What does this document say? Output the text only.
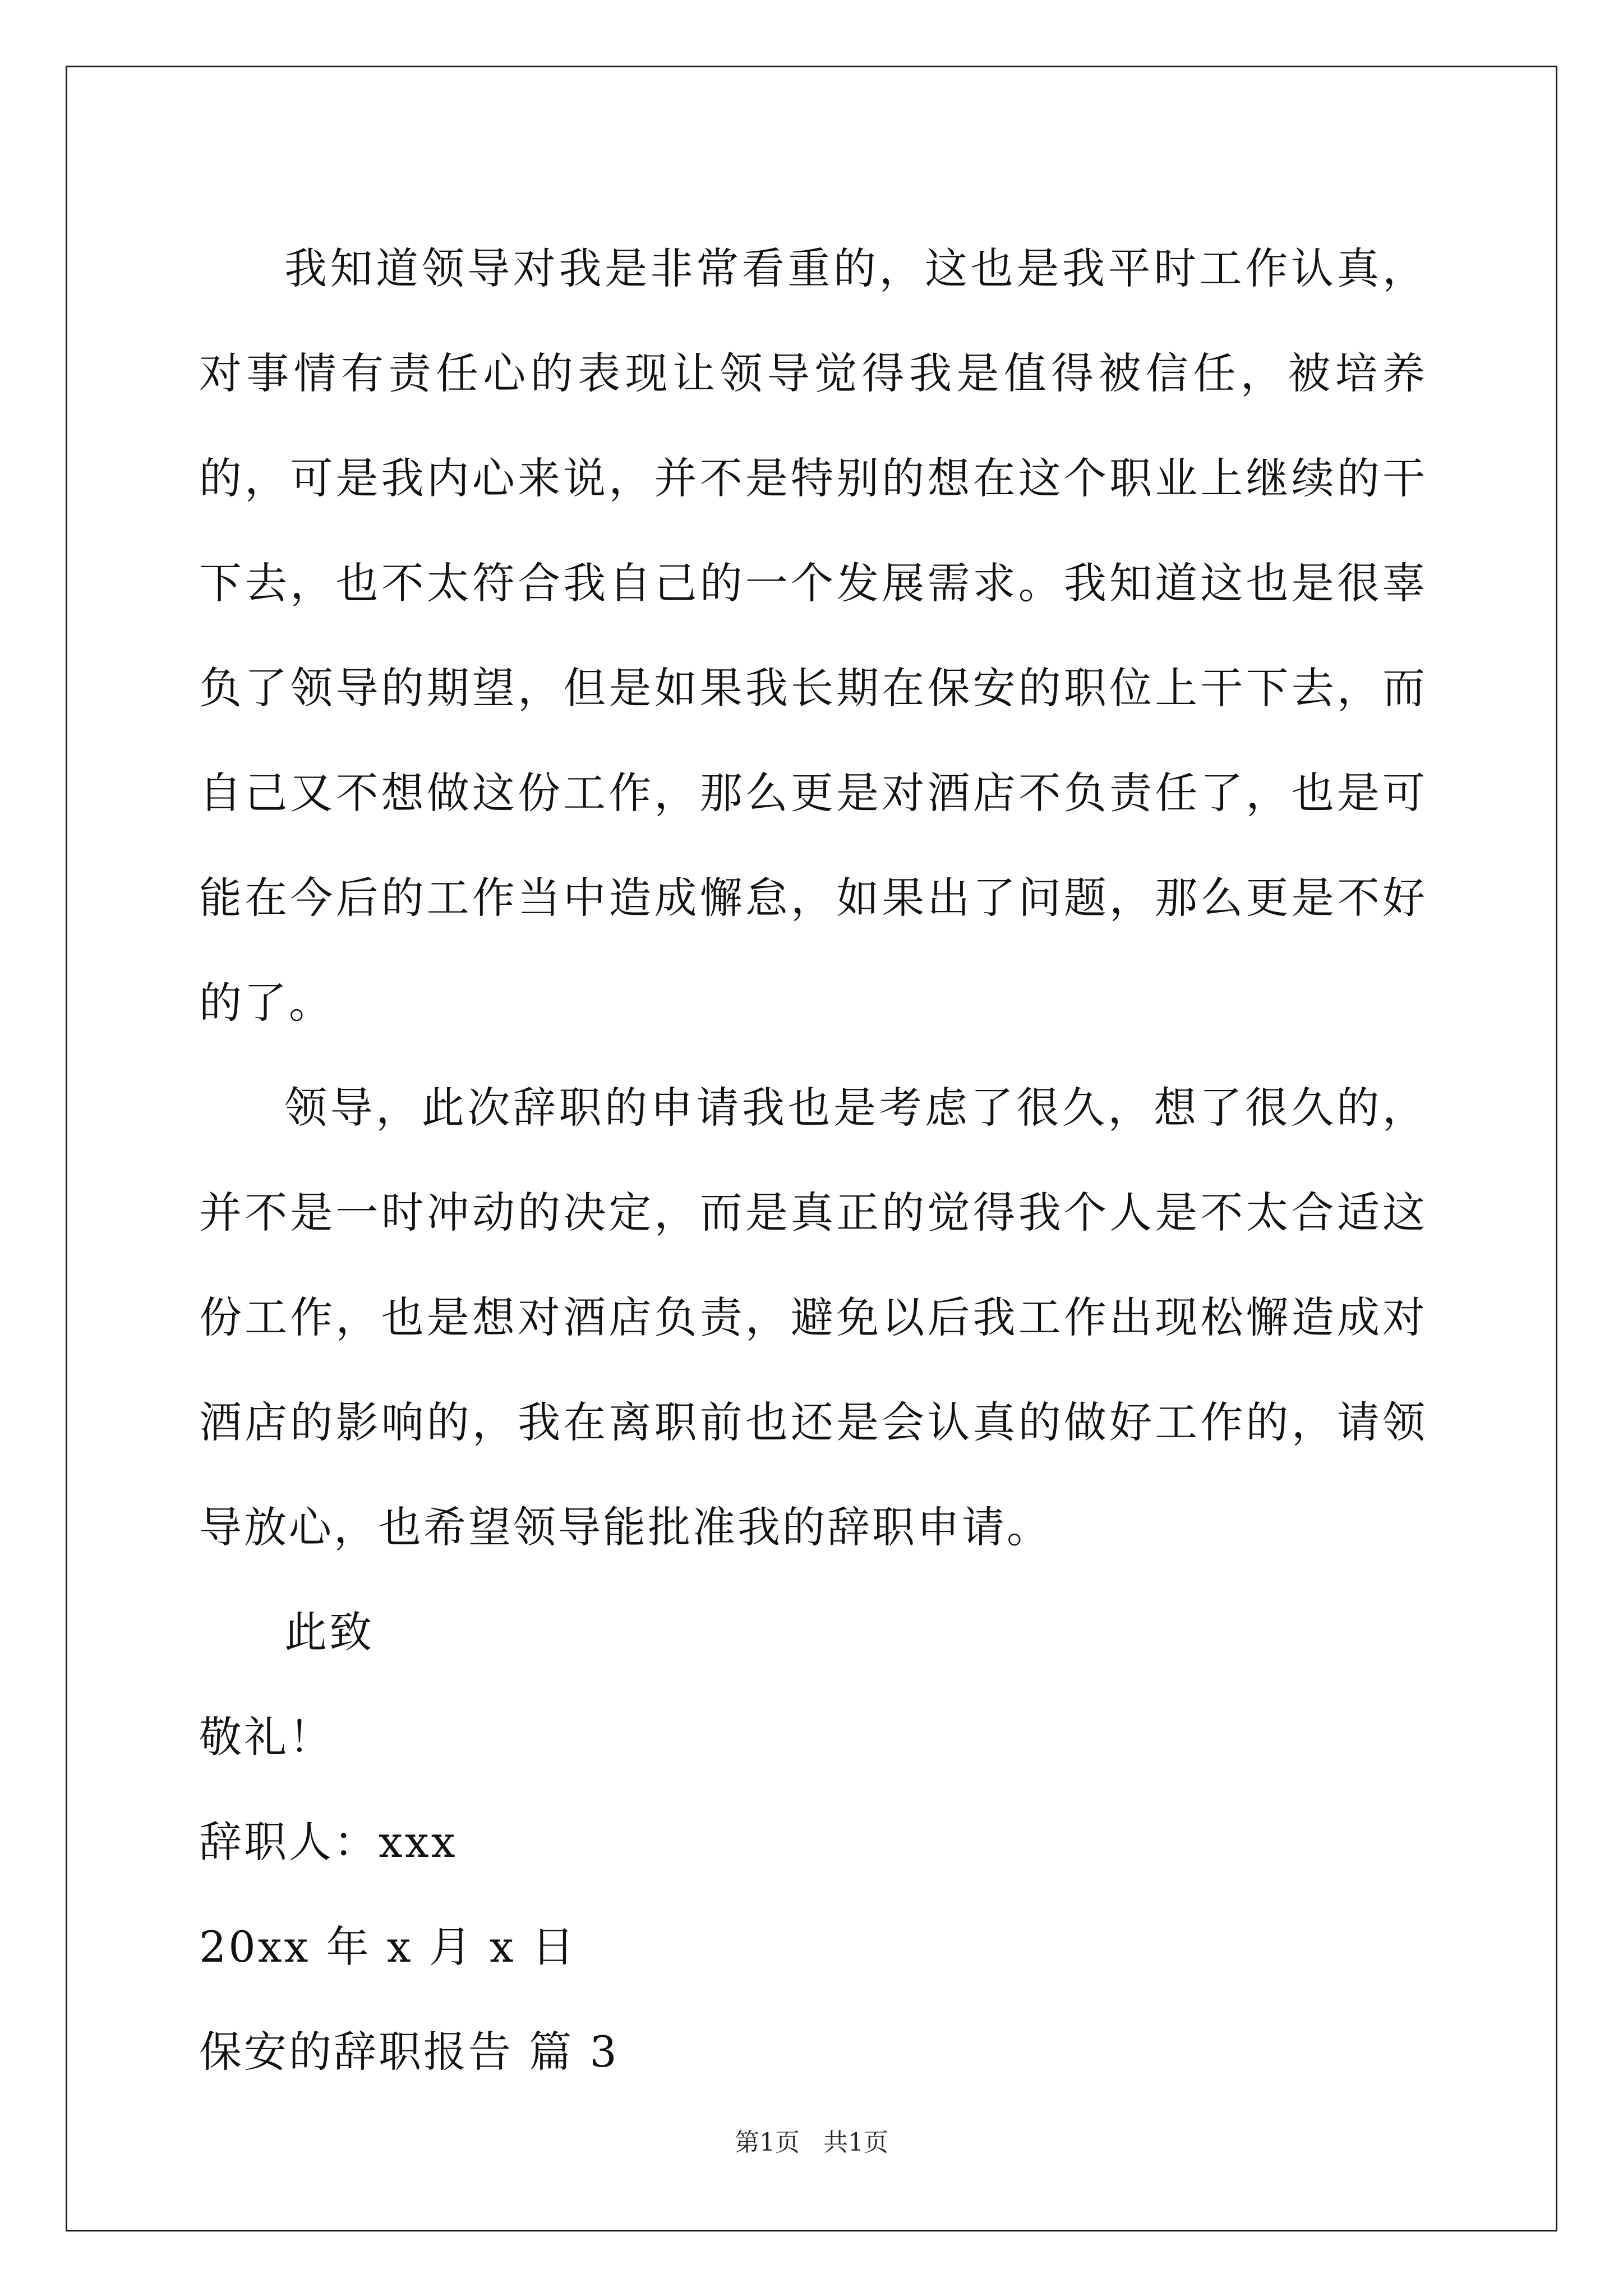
我知道领导对我是非常看重的，这也是我平时工作认真，对事情有责任心的表现让领导觉得我是值得被信任，被培养的，可是我内心来说，并不是特别的想在这个职业上继续的干下去，也不太符合我自己的一个发展需求。我知道这也是很辜负了领导的期望，但是如果我长期在保安的职位上干下去，而自己又不想做这份工作，那么更是对酒店不负责任了，也是可能在今后的工作当中造成懈怠，如果出了问题，那么更是不好的了。

领导，此次辞职的申请我也是考虑了很久，想了很久的，并不是一时冲动的决定，而是真正的觉得我个人是不太合适这份工作，也是想对酒店负责，避免以后我工作出现松懈造成对酒店的影响的，我在离职前也还是会认真的做好工作的，请领导放心，也希望领导能批准我的辞职申请。

此致

敬礼！

辞职人：xxx

20xx 年 x 月 x 日

保安的辞职报告 篇 3

第1页   共1页
